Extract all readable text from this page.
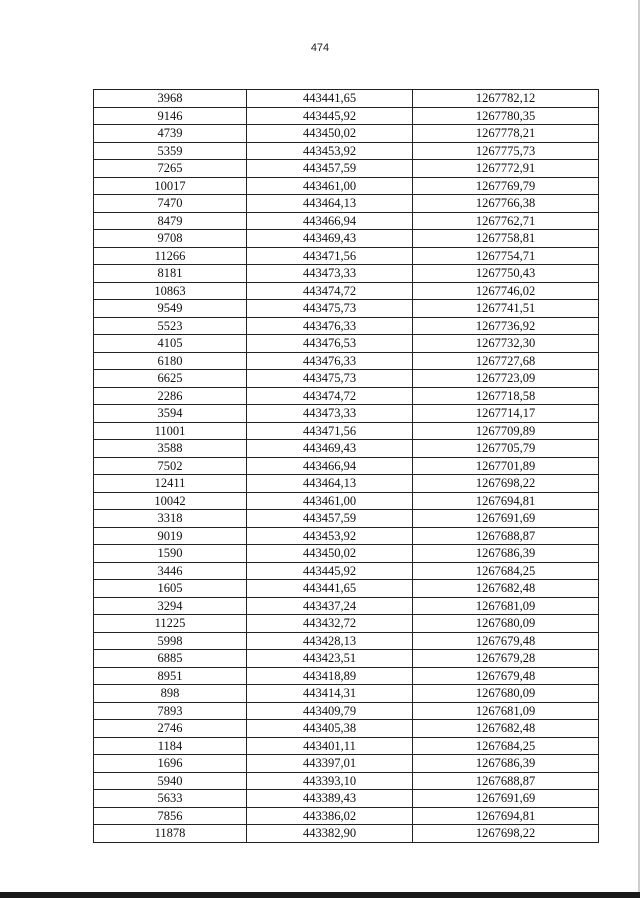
474
3968	443441,65	1267782,12
9146	443445,92	1267780,35
4739	443450,02	1267778,21
5359	443453,92	1267775,73
7265	443457,59	1267772,91
10017	443461,00	1267769,79
7470	443464,13	1267766,38
8479	443466,94	1267762,71
9708	443469,43	1267758,81
11266	443471,56	1267754,71
8181	443473,33	1267750,43
10863	443474,72	1267746,02
9549	443475,73	1267741,51
5523	443476,33	1267736,92
4105	443476,53	1267732,30
6180	443476,33	1267727,68
6625	443475,73	1267723,09
2286	443474,72	1267718,58
3594	443473,33	1267714,17
11001	443471,56	1267709,89
3588	443469,43	1267705,79
7502	443466,94	1267701,89
12411	443464,13	1267698,22
10042	443461,00	1267694,81
3318	443457,59	1267691,69
9019	443453,92	1267688,87
1590	443450,02	1267686,39
3446	443445,92	1267684,25
1605	443441,65	1267682,48
3294	443437,24	1267681,09
11225	443432,72	1267680,09
5998	443428,13	1267679,48
6885	443423,51	1267679,28
8951	443418,89	1267679,48
898	443414,31	1267680,09
7893	443409,79	1267681,09
2746	443405,38	1267682,48
1184	443401,11	1267684,25
1696	443397,01	1267686,39
5940	443393,10	1267688,87
5633	443389,43	1267691,69
7856	443386,02	1267694,81
11878	443382,90	1267698,22
